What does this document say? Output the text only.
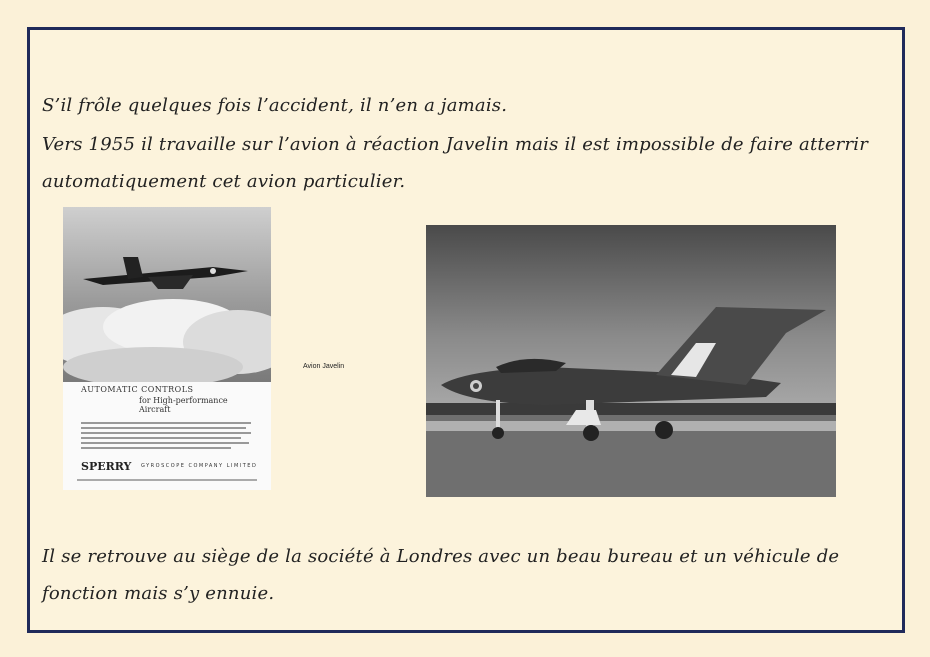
S’il frôle quelques fois l’accident, il n’en a jamais.

Vers 1955 il travaille sur l’avion à réaction Javelin mais il est impossible de faire atterrir automatiquement cet avion particulier.

AUTOMATIC CONTROLS
for High-performance Aircraft
SPERRY GYROSCOPE COMPANY LIMITED
Avion Javelin

Il se retrouve au siège de la société à Londres avec un beau bureau et un véhicule de fonction mais s’y ennuie.
